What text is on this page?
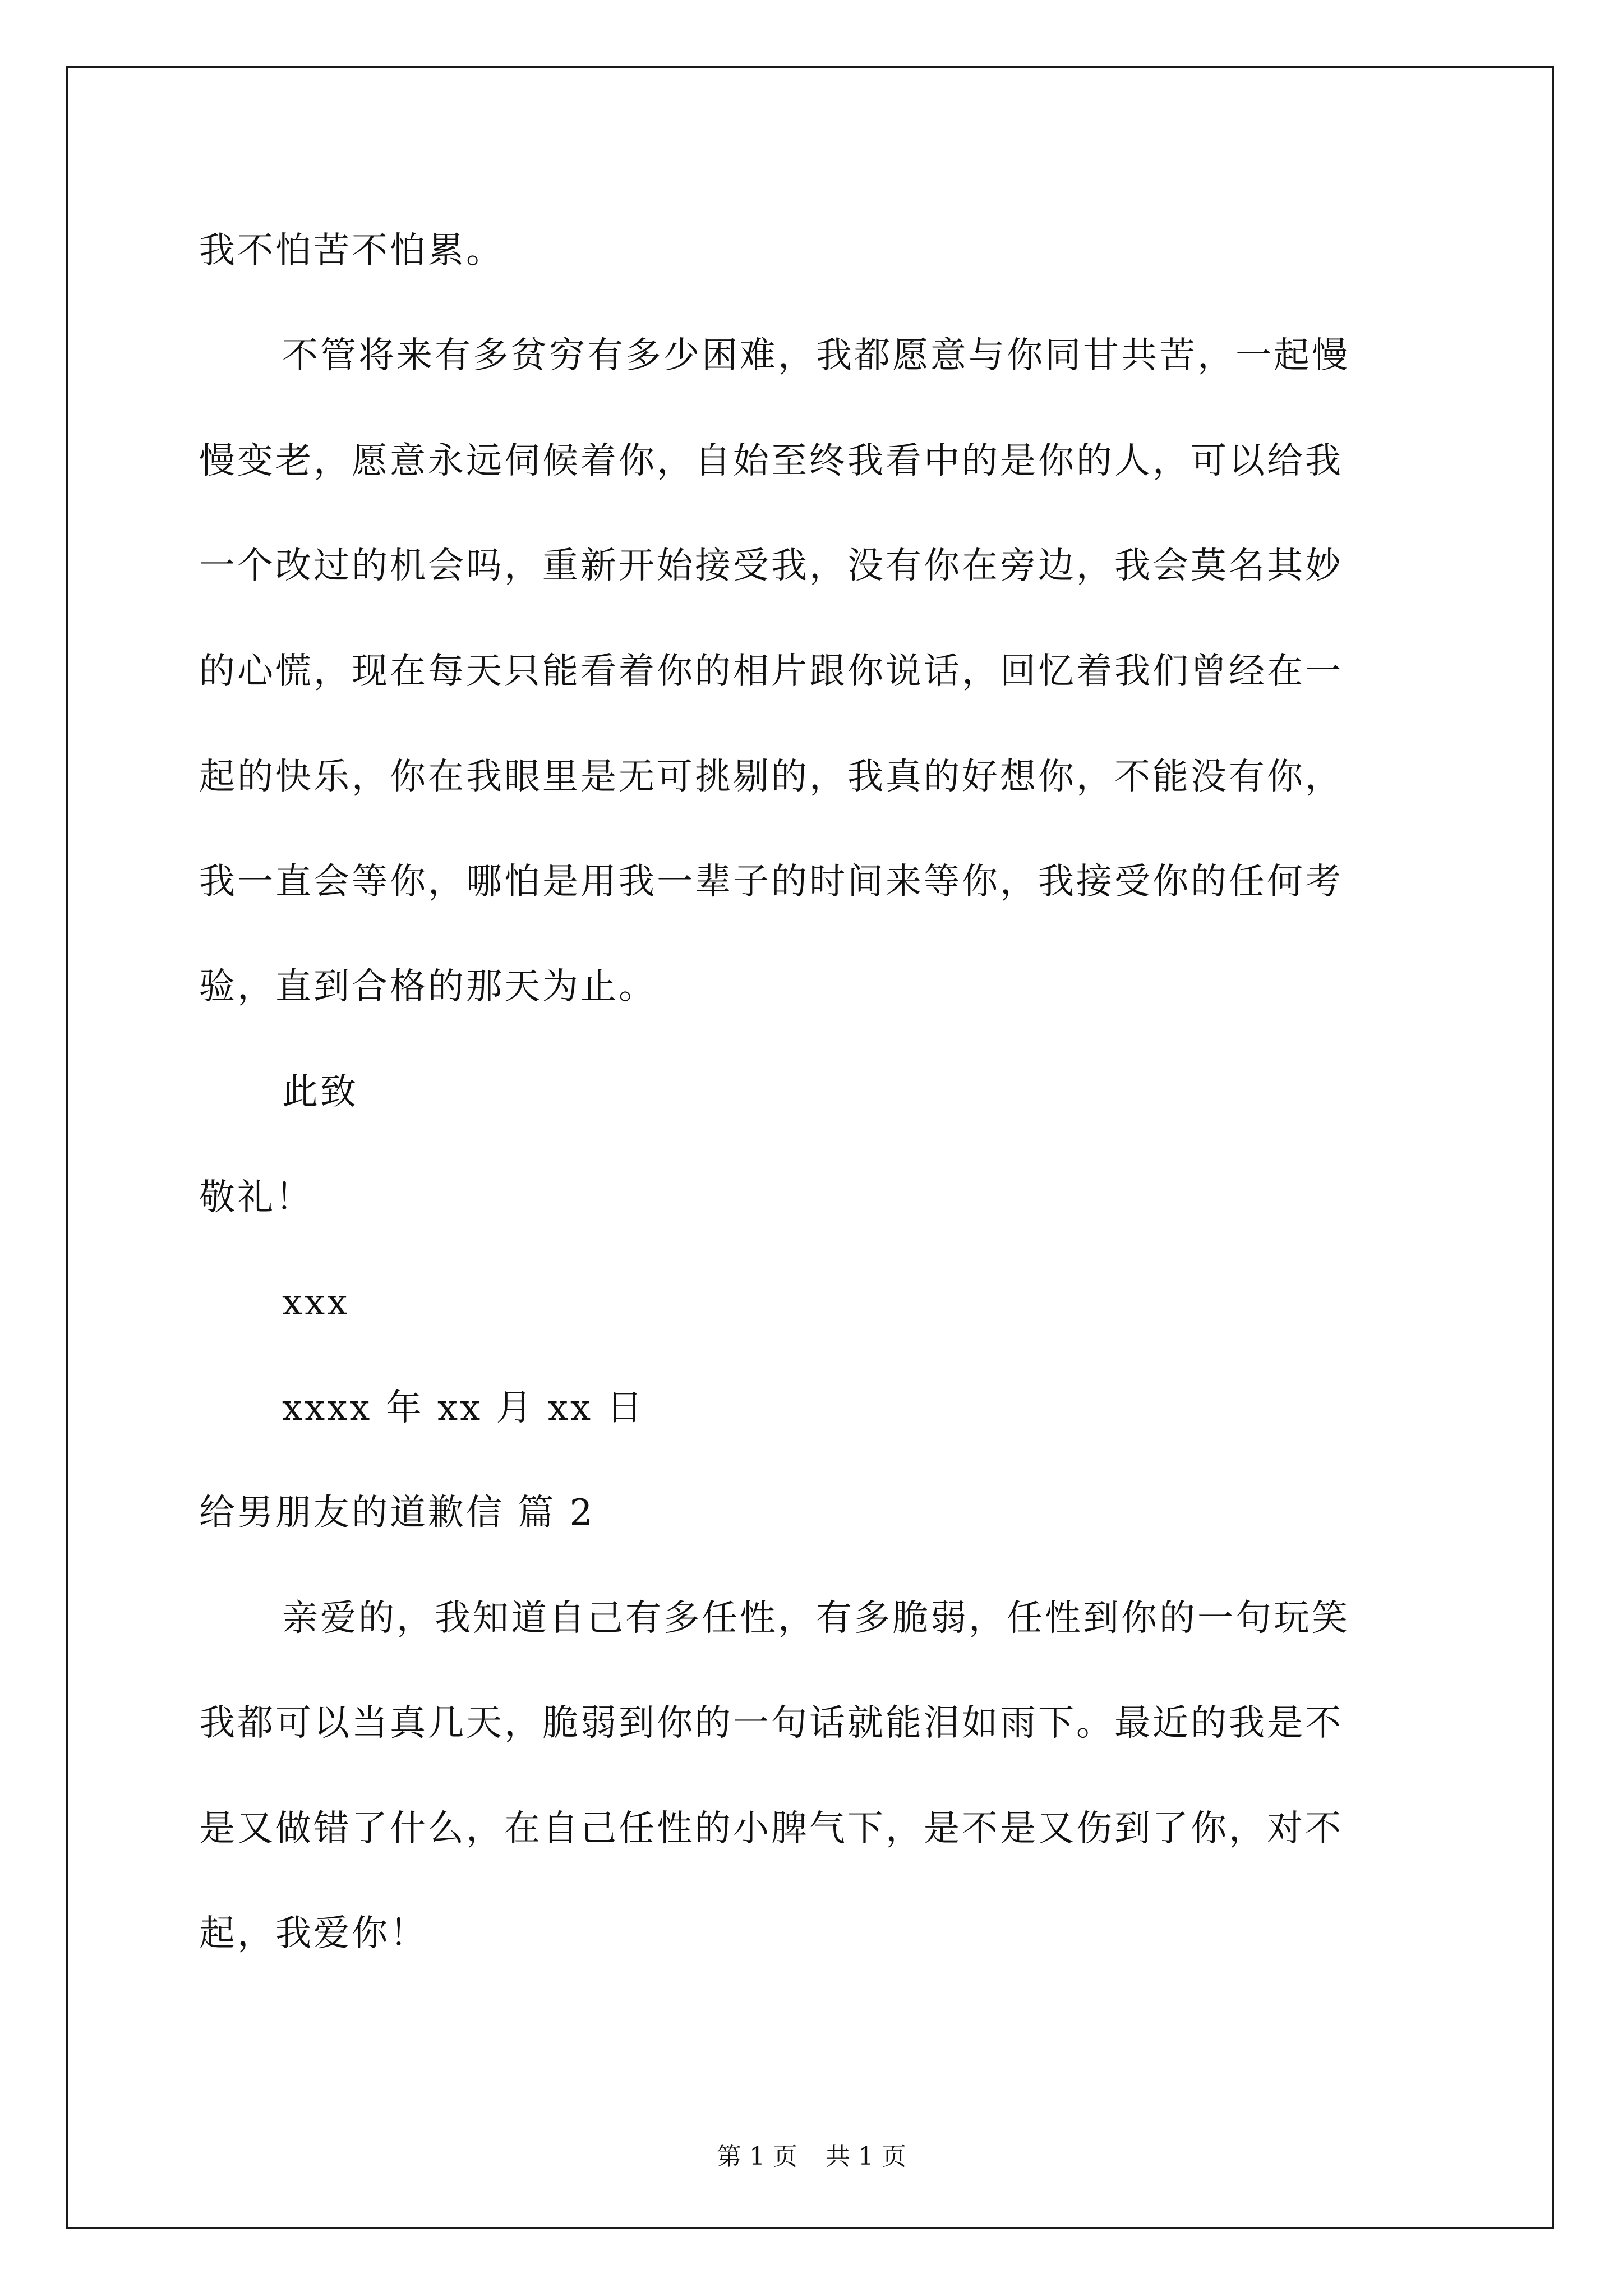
我不怕苦不怕累。
不管将来有多贫穷有多少困难，我都愿意与你同甘共苦，一起慢
慢变老，愿意永远伺候着你，自始至终我看中的是你的人，可以给我
一个改过的机会吗，重新开始接受我，没有你在旁边，我会莫名其妙
的心慌，现在每天只能看着你的相片跟你说话，回忆着我们曾经在一
起的快乐，你在我眼里是无可挑剔的，我真的好想你，不能没有你，
我一直会等你，哪怕是用我一辈子的时间来等你，我接受你的任何考
验，直到合格的那天为止。
此致
敬礼！
xxx
xxxx 年 xx 月 xx 日
给男朋友的道歉信 篇 2
亲爱的，我知道自己有多任性，有多脆弱，任性到你的一句玩笑
我都可以当真几天，脆弱到你的一句话就能泪如雨下。最近的我是不
是又做错了什么，在自己任性的小脾气下，是不是又伤到了你，对不
起，我爱你！
第 1 页 共 1 页
